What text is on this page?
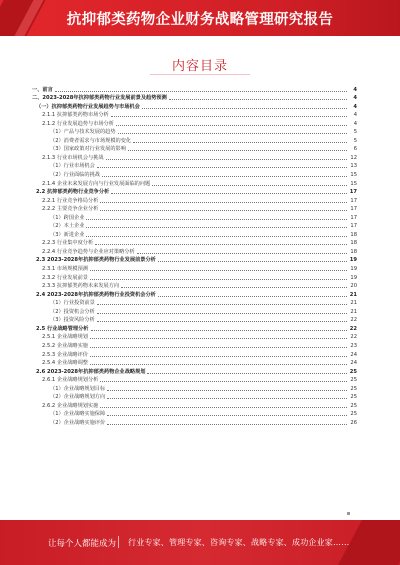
抗抑郁类药物企业财务战略管理研究报告
内容目录
一、前言	4
二、2023-2028年抗抑郁类药物行业发展前景及趋势预测	4
（一）抗抑郁类药物行业发展趋势与市场机会	4
2.1.1 抗抑郁类药物市场分析	4
2.1.2 行业发展趋势与市场分析	4
（1）产品与技术发展的趋势	5
（2）消费者需求与市场规模的变化	5
（3）国家政策对行业发展的影响	6
2.1.3 行业市场机会与挑战	12
（1）行业市场机会	13
（2）行业面临的挑战	15
2.1.4 企业未来发展方向与行业发展面临的问题	15
2.2 抗抑郁类药物行业竞争分析	17
2.2.1 行业竞争格局分析	17
2.2.2 主要竞争企业分析	17
（1）跨国企业	17
（2）本土企业	17
（3）新进企业	18
2.2.3 行业集中度分析	18
2.2.4 行业竞争趋势与企业应对策略分析	18
2.3 2023-2028年抗抑郁类药物行业发展前景分析	19
2.3.1 市场规模预测	19
2.3.2 行业发展前景	19
2.3.3 抗抑郁类药物未来发展方向	20
2.4 2023-2028年抗抑郁类药物行业投资机会分析	21
（1）行业投资前景	21
（2）投资机会分析	21
（3）投资风险分析	22
2.5 行业战略管理分析	22
2.5.1 企业战略规划	22
2.5.2 企业战略实施	23
2.5.3 企业战略评价	24
2.5.4 企业战略调整	24
2.6 2023-2028年抗抑郁类药物企业战略规划	25
2.6.1 企业战略规划分析	25
（1）企业战略规划目标	25
（2）企业战略规划方向	25
2.6.2 企业战略规划实施	25
（1）企业战略实施保障	25
（2）企业战略实施评价	26
让每个人都能成为 行业专家、管理专家、咨询专家、战略专家、成功企业家……
